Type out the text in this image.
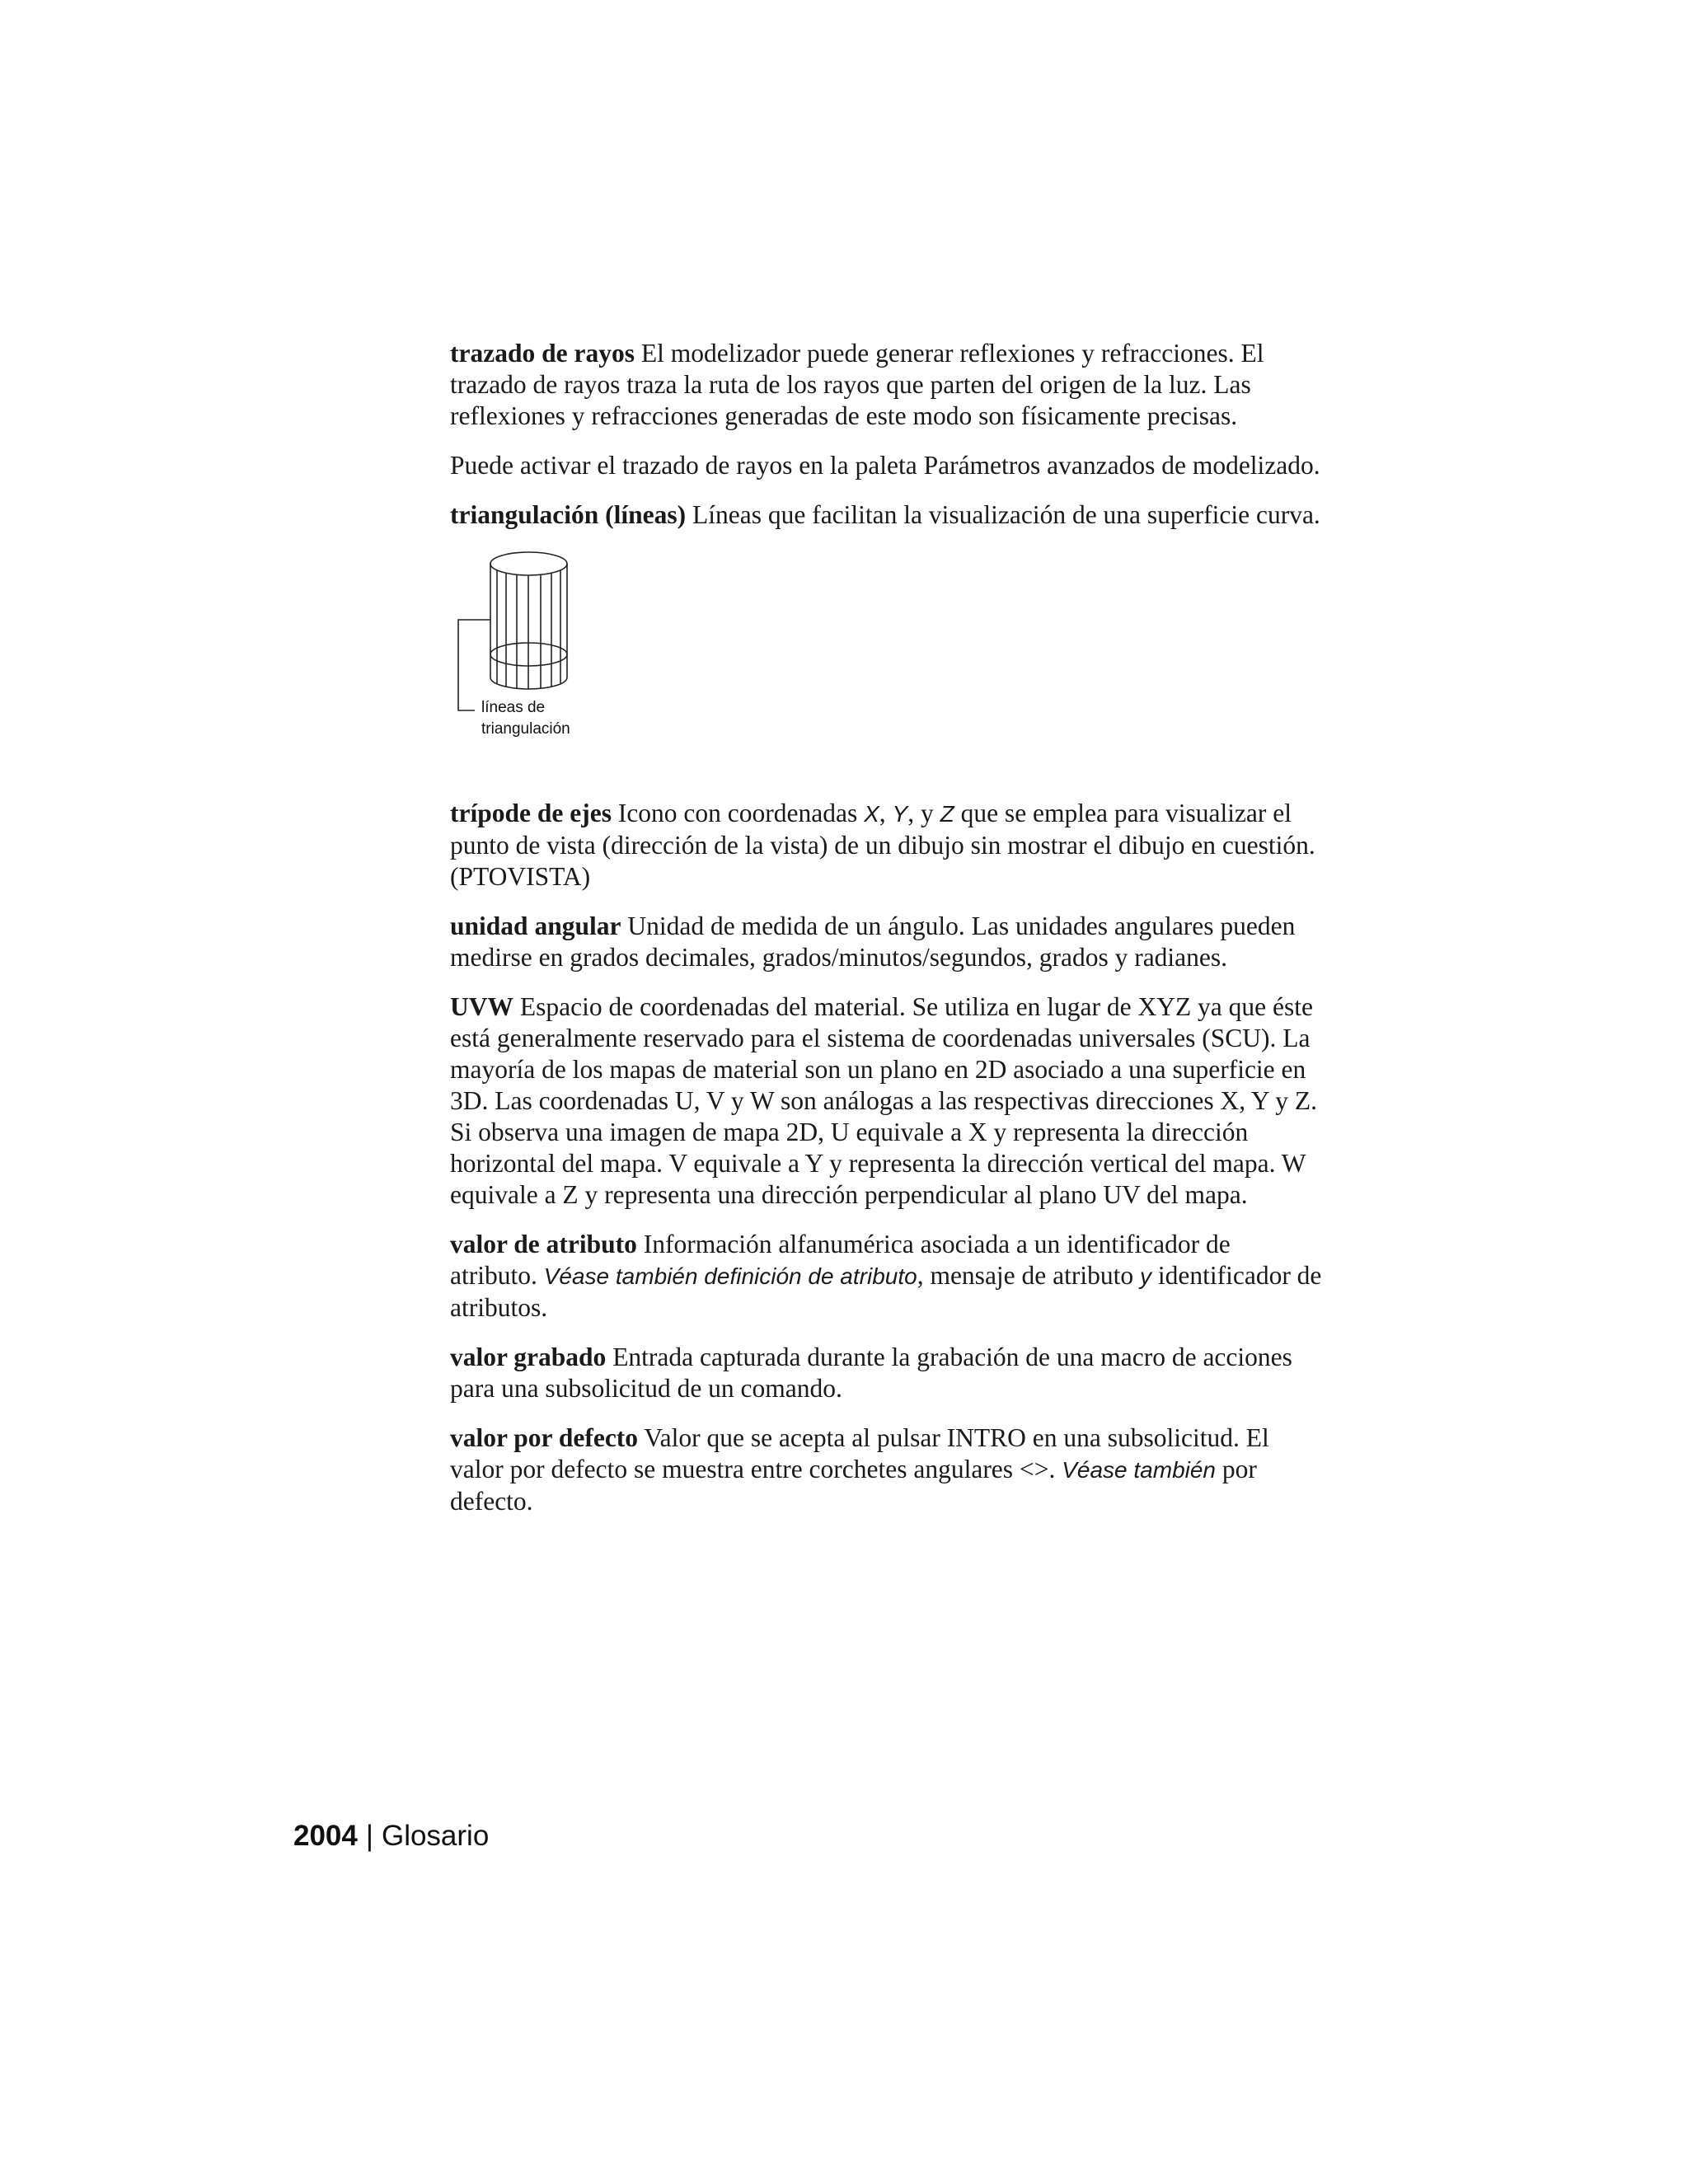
trazado de rayos El modelizador puede generar reflexiones y refracciones. El trazado de rayos traza la ruta de los rayos que parten del origen de la luz. Las reflexiones y refracciones generadas de este modo son físicamente precisas.

Puede activar el trazado de rayos en la paleta Parámetros avanzados de modelizado.

triangulación (líneas) Líneas que facilitan la visualización de una superficie curva.

líneas de
triangulación

trípode de ejes Icono con coordenadas X, Y, y Z que se emplea para visualizar el punto de vista (dirección de la vista) de un dibujo sin mostrar el dibujo en cuestión. (PTOVISTA)

unidad angular Unidad de medida de un ángulo. Las unidades angulares pueden medirse en grados decimales, grados/minutos/segundos, grados y radianes.

UVW Espacio de coordenadas del material. Se utiliza en lugar de XYZ ya que éste está generalmente reservado para el sistema de coordenadas universales (SCU). La mayoría de los mapas de material son un plano en 2D asociado a una superficie en 3D. Las coordenadas U, V y W son análogas a las respectivas direcciones X, Y y Z. Si observa una imagen de mapa 2D, U equivale a X y representa la dirección horizontal del mapa. V equivale a Y y representa la dirección vertical del mapa. W equivale a Z y representa una dirección perpendicular al plano UV del mapa.

valor de atributo Información alfanumérica asociada a un identificador de atributo. Véase también definición de atributo, mensaje de atributo y identificador de atributos.

valor grabado Entrada capturada durante la grabación de una macro de acciones para una subsolicitud de un comando.

valor por defecto Valor que se acepta al pulsar INTRO en una subsolicitud. El valor por defecto se muestra entre corchetes angulares <>. Véase también por defecto.

2004 | Glosario
